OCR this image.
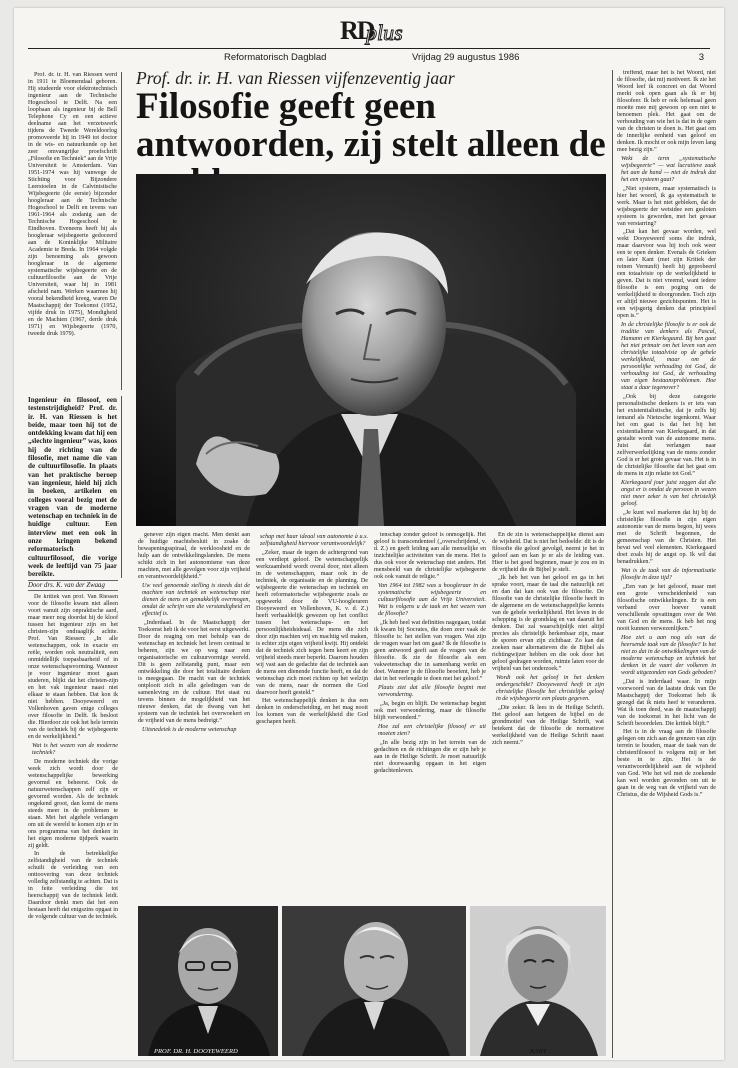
RD
plus
Reformatorisch Dagblad	Vrijdag 29 augustus 1986	3

Prof. dr. ir. H. van Riessen werd in 1911 te Bloemendaal geboren. Hij studeerde voor elektrotechnisch ingenieur aan de Technische Hogeschool te Delft. Na een loopbaan als ingenieur bij de Bell Telephone Cy en een actieve deelname aan het verzetswerk tijdens de Tweede Wereldoorlog promoveerde hij in 1949 tot doctor in de wis- en natuurkunde op het zeer omvangrijke proefschrift „Filosofie en Techniek” aan de Vrije Universiteit te Amsterdam. Van 1951-1974 was hij vanwege de Stichting voor Bijzondere Leerstoelen in de Calvinistische Wijsbegeerte (de eerste) bijzonder hoogleraar aan de Technische Hogeschool te Delft en tevens van 1961-1964 als zodanig aan de Technische Hogeschool te Eindhoven. Eveneens heeft hij als hoogleraar wijsbegeerte gedoceerd aan de Koninklijke Militaire Academie te Breda. In 1964 volgde zijn benoeming als gewoon hoogleraar in de algemene systematische wijsbegeerte en de cultuurfilosofie aan de Vrije Universiteit, waar hij in 1981 afscheid nam. Werken waarmee hij vooral bekendheid kreeg, waren De Maatschappij der Toekomst (1952, vijfde druk in 1975), Mondigheid en de Machten (1967, derde druk 1971) en Wijsbegeerte (1970, tweede druk 1979).

Ingenieur én filosoof, een testenstrijdigheid? Prof. dr. ir. H. van Riessen is het beide, maar toen hij tot de ontdekking kwam dat hij een „slechte ingenieur” was, koos hij de richting van de filosofie, met name die van de cultuurfilosofie. In plaats van het praktische beroep van ingenieur, hield hij zich in boeken, artikelen en colleges vooral bezig met de vragen van de moderne wetenschap en techniek in de huidige cultuur. Een interview met een ook in onze kringen bekend reformatorisch cultuurfilosoof, die vorige week de leeftijd van 75 jaar bereikte.
Door drs. K. van der Zwaag

De krítiek van prof. Van Riessen voor de filosofie kwam niet alleen voort vanuit zijn onpraktische aard, maar meer nog doordat hij de kloof tussen het ingenieur zijn en het christen-zijn ondraaglijk achtte. Prof. Van Riessen: „In alle wetenschappen, ook in exacte en reële, worden ook neutraliteit, een onmiddellijk toepasbaarheid of in onze wetenschapsvorming. Wanneer je voor ingenieur moet gaan studeren, blijkt dat het christen-zijn en het vak ingenieur naast niet elkaar te staan hebben. Dat kon ik niet hebben. Dooyeweerd en Vollenhoven gaven enige colleges over filosofie in Delft. Ik besloot die. Hierdoor zie ook het hele terrein van de techniek bij de wijsbegeerte en de werkelijkheid.”

Wat is het wezen van de moderne techniek?

De moderne techniek die vorige week zich wordt door de wetenschappelijke bewerking gevormd en beheerst. Ook de natuurwetenschappen zelf zijn er gevormd worden. Als de techniek ongekend groot, dan komt de mens steeds meer in de problemen te staan. Met het algehele verlangen om uit de wereld te komen zijn er in ons programma van het denken in het eigen moderne tijdperk waarin zij geldt.

In de betrekkelijke zelfstandigheid van de techniek schuilt de verleiding van een onttoovering van deze techniek volledig zelfstandig te achten. Dat is in feite verleiding die tot heerschappij van de techniek leidt. Daardoor denkt men dat het een bestaan heeft dat enigszins opgaat in de volgende cultuur van de techniek.

Prof. dr. ir. H. van Riessen vijfenzeventig jaar
Filosofie geeft geen antwoorden, zij stelt alleen de

genever zijn eigen macht. Men denkt aan de huidige machtsbesluit in zoake de bewapeningsspiraal, de werkloosheid en de hulp aan de ontwikkelingslanden. De mens schikt zich in het autonomisme van deze machten, met alle gevolgen voor zijn vrijheid en verantwoordelijkheid.”

Uw veel genoemde stelling is steeds dat de machten van techniek en wetenschap niet dienen de mens en gemakkelijk overmogen, omdat de schrijn van die verstandigheid en effectief is.

„Inderdaad. In de Maatschappij der Toekomst heb ik de voor het eerst uitgewerkt. Door de reaging om met behulp van de wetenschap en techniek het leven centraal te beheren, zijn we op weg naar een organisatorische en cultuurvormige wereld. Dit is geen zelfstandig punt, maar een ontwikkeling die door het totalitaire denken is meegegaan. De macht van de techniek ontplooit zich in alle geledingen van de samenleving en de cultuur. Het staat nu tevens binnen de mogelijkheid van het nieuwe denken, dat de dwang van het systeem van de techniek het overwoekert en de vrijheid van de mens bedreigt.”

Uitsnedeiek is de moderne wetenschap

schap met haar ideaal van autonomie à u.s. zelfstandigheid hiervoor verantwoordelijk?

„Zeker, maar de tegen de achtergrond van een verdiept geloof. De wetenschappelijk werkzaamheid wordt overal door, niet alleen in de wetenschappen, maar ook in de techniek, de organisatie en de planning. De wijsbegeerte die wetenschap en techniek en heeft reformatorische wijsbegeerte zoals ze opgewerkt door de VU-hoogleraren Dooyeweerd en Vollenhoven, K. v. d. Z.) heeft verhaaldelijk gewezen op het conflict tussen het wetenschaps- en het persoonlijkheidsideaal. De mens die zich door zijn machten vrij en machtig wil maken, is echter zijn eigen vrijheid kwijt. Hij ontdekt dat de techniek zich tegen hem keert en zijn vrijheid steeds meer beperkt. Daarom houden wij vast aan de gedachte dat de techniek aan de mens een dienende functie heeft, en dat de wetenschap zich moet richten op het welzijn van de mens, naar de normen die God daarvoor heeft gesteld.”

Het wetenschappelijk denken is dus een denken in onderscheiding, en het mag nooit los komen van de werkelijkheid die God geschapen heeft.

tenschap zonder geloof is onmogelijk. Het geloof is transcendenteel („overschrijdend, v. d. Z.) en geeft leiding aan alle menselijke en inzichtelijke activiteiten van de mens. Het is dus ook voor de wetenschap niet anders. Het mensbeeld van de christelijke wijsbegeerte ook ook vanuit de religie.”

Van 1964 tot 1982 was u hoogleraar in de systematische wijsbegeerte en cultuurfilosofie aan de Vrije Universiteit. Wat is volgens u de taak en het wezen van de filosofie?

„Ik heb heel wat definities nagegaan, totdat ik kwam bij Socrates, die doen zeer vaak de filosofie is: het stellen van vragen. Wat zijn de vragen waar het om gaat? Ik de filosofie is geen antwoord geeft aan de vragen van de filosofie. Ik zie de filosofie als een vakwetenschap die in samenhang werkt en doet. Wanneer je de filosofie beoefent, heb je dat in het verlengde te doen met het geloof.”

Plaats ziet dat alle filosofie begint met verwondering.

„Ja, begin en blijft. De wetenschap begint ook met verwondering, maar de filosofie blijft verwonderd.”

Hoe zal een christelijke filosoof er uit moeten zien?

„In alle bezig zijn in het terrein van de gedachten en de richtingen die er zijn heb je aan in de Heilige Schrift. Je moet natuurlijk niet doorwaardig opgaan in het eigen gedachtenleven.

En de zin is wetenschappelijke dienst aan de wijsheid. Dat is niet het bedoelde: dit is de filosofie die geloof gevolgd, neemt je het in geloof aan en kan je er als de leiding van. Hier is het goed beginnen, maar je zou en in de vrijheid die de Bijbel je stelt.

„Ik heb het van het geloof en ga in het sprake voort, maar de taal die natuurlijk zet en dan dat kan ook van de filosofie. De filosofie van de christelijke filosofie heeft in de algemene en de wetenschappelijke kennis van de gehele werkelijkheid. Het leven in de schepping is de grondslag en van daaruit het denken. Dat zal waarschijnlijk niet altijd precies als christelijk herkenbaar zijn, maar de sporen ervan zijn zichtbaar. Zo kan dat zoeken naar alternatieven die de Bijbel als richtingwijzer hebben en die ook door het geloof gedragen worden, ruimte laten voor de vrijheid van het onderzoek.”

Wordt ook het geloof in het denken ondergeschikt? Dooyeweerd heeft in zijn christelijke filosofie het christelijke geloof in de wijsbegeerte een plaats gegeven.

„Die zeker. Ik lees in de Heilige Schrift. Het geloof aan hetgeen de bijbel en de grondmotief van de Heilige Schrift, wat betekent dat de filosofie de normatieve werkelijkheid van de Heilige Schrift naast zich neemt.”

treffend, maar het is het Woord, niet de filosofie, dat mij motiveert. Ik zie het Woord leef ik concreet en dat Woord merkt ook open gaan als ik er bij filosofeer. Ik heb er ook helemaal geen moeite mee mij gewoon op een niet te benoemen plek. Het gaat om de verhouding van wie het is dat in de ogen van de christen te doen is. Het gaat om de innerlijke eenheid van geloof en denken. Ik mocht er ook mijn leven lang mee bezig zijn.”

Wekt de term „systematische wijsbegeerte” — wat lucratieve zaak het aan de hand — niet de indruk dat het een systeem gaat?

„Niet systeem, maar systematisch is hier het woord, ik ga systematisch te werk. Maar is het niet gebleken, dat de wijsbegeerte der wetsidee een gesloten systeem is geworden, met het gevaar van verstarring?

„Dat kan het gevaar worden, wel wekt Dooyeweerd soms die indruk, maar daarvoor was hij toch ook weer een te open denker. Evenals de Grieken en later Kant (met zijn Kritiek der reinen Vernunft) heeft hij geprobeerd een totaalvisie op de werkelijkheid te geven. Dat is niet vreemd, want iedere filosofie is een poging om de werkelijkheid te doorgronden. Toch zijn er altijd nieuwe gezichtspunten. Het is een wijsgerig denken dat principieel open is.”

In de christelijke filosofie is er ook de traditie van denkers als Pascal, Hamann en Kierkegaard. Bij hen gaat het niet primair om het leven van een christelijke totaalvisie op de gehele werkelijkheid, maar om de persoonlijke verhouding tot God, de verhouding tot God, de verhouding van eigen bestaansproblemen. Hoe staat u daar tegenover?

„Ook bij deze categorie personalistische denkers is er iets van het existentialistische, dat je zelfs bij iemand als Nietzsche tegenkomt. Waar het om gaat is dat het bij het existentialisme van Kierkegaard, in dat gestalte wordt van de autonome mens. Juist dat verlangen naar zelfverwerkelijking van de mens zonder God is er het grote gevaar van. Het is in de christelijke filosofie dat het gaat om de mens in zijn relatie tot God.”

Kierkegaard jour juist zeggen dat die angst er is omdat de persoon in wezen niet meer zeker is van het christelijk geloof.

„Je kunt wel markeren dat hij bij de christelijke filosofie in zijn eigen autonomie van de mens begon, hij wees met de Schrift begonnen, de gemeenschap van de Christen. Het bevat wel veel elementen. Kierkegaard doet zoals hij de angst op. Ik wil dat benadrukken.”

Wat is de taak van de informatisatie filosofie in deze tijd?

„Een van je het gelooof, maar met een grote verscheidenheid van filosofische ontwikkelingen. Er is een verband over hoever vanuit verschillende opvattingen over de Wet van God en de mens. Ik heb het nog nooit kunnen verwezenlijken.”

Hoe ziet u aan nog als van de heersende taak van de filosofie? Is het niet zo dat in de ontwikkelingen van de moderne wetenschap en techniek het denken in de vaart der volkeren in wordt uitgezonden van Gods geboden?

„Dat is inderdaad waar. In mijn voorwoord van de laatste druk van De Maatschappij der Toekomst heb ik gezegd dat ik niets heef te veranderen. Wat ik toen deed, was de maatschappij van de toekomst in het licht van de Schrift beoordelen. Die kritiek blijft.”

Het is in de vraag aan de filosofie gelegen om zich aan de grenzen van zijn terrein te houden, maar de taak van de christenfilosoof is volgens mij er het beste in te zijn. Het is de verantwoordelijkheid aan de wijsheid van God. Wie het wil met de zoekende kan wel worden gevonden om uit te gaan in de weg van de vrijheid van de Christus, die de Wijsheid Gods is.”

PROF. DR. H. DOOYEWEERD	KANT
